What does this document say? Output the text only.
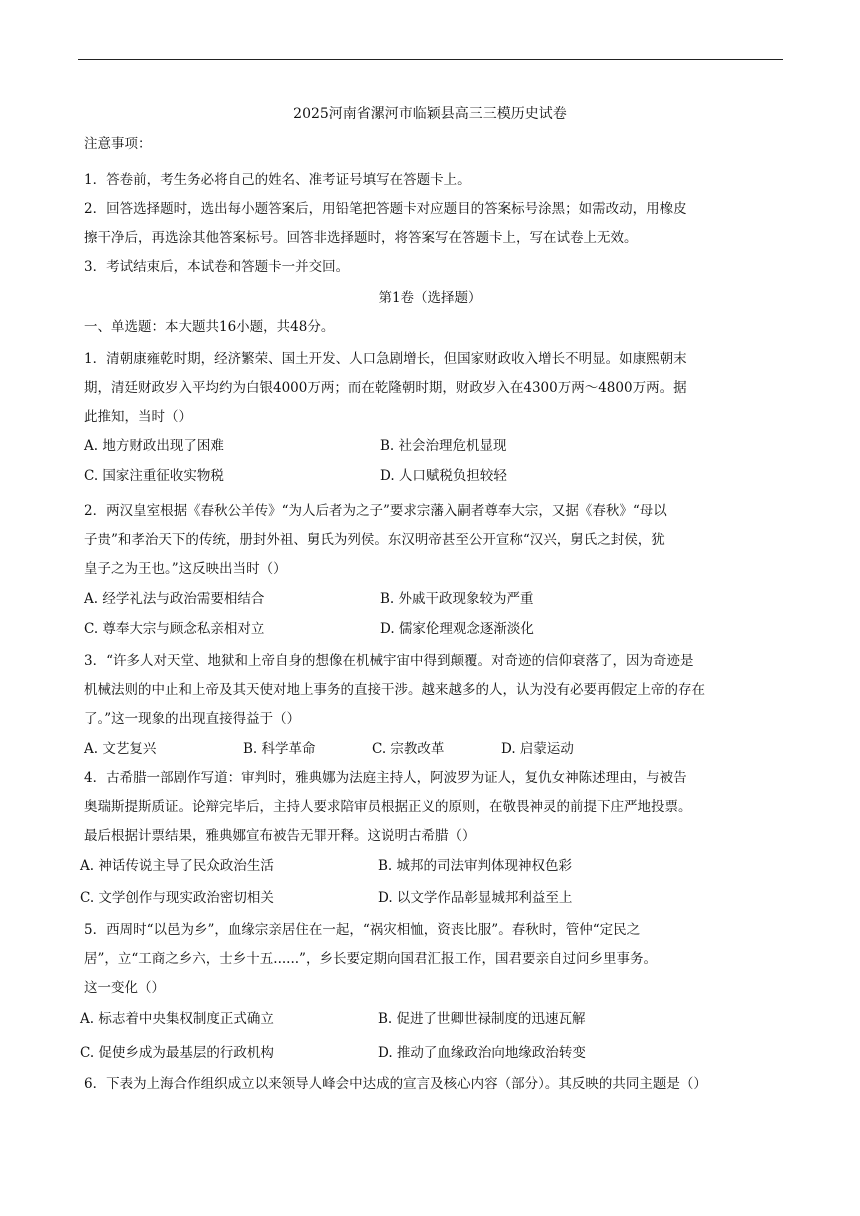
2025河南省漯河市临颖县高三三模历史试卷
注意事项：
1．答卷前，考生务必将自己的姓名、准考证号填写在答题卡上。
2．回答选择题时，选出每小题答案后，用铅笔把答题卡对应题目的答案标号涂黑；如需改动，用橡皮
擦干净后，再选涂其他答案标号。回答非选择题时，将答案写在答题卡上，写在试卷上无效。
3．考试结束后，本试卷和答题卡一并交回。
第1卷（选择题）
一、单选题：本大题共16小题，共48分。
1．清朝康雍乾时期，经济繁荣、国土开发、人口急剧增长，但国家财政收入增长不明显。如康熙朝末
期，清廷财政岁入平均约为白银4000万两；而在乾隆朝时期，财政岁入在4300万两～4800万两。据
此推知，当时（）
A. 地方财政出现了困难	B. 社会治理危机显现
C. 国家注重征收实物税	D. 人口赋税负担较轻
2．两汉皇室根据《春秋公羊传》“为人后者为之子”要求宗藩入嗣者尊奉大宗，又据《春秋》“母以
子贵”和孝治天下的传统，册封外祖、舅氏为列侯。东汉明帝甚至公开宣称“汉兴，舅氏之封侯，犹
皇子之为王也。”这反映出当时（）
A. 经学礼法与政治需要相结合	B. 外戚干政现象较为严重
C. 尊奉大宗与顾念私亲相对立	D. 儒家伦理观念逐渐淡化
3．“许多人对天堂、地狱和上帝自身的想像在机械宇宙中得到颠覆。对奇迹的信仰衰落了，因为奇迹是
机械法则的中止和上帝及其天使对地上事务的直接干涉。越来越多的人，认为没有必要再假定上帝的存在
了。”这一现象的出现直接得益于（）
A. 文艺复兴	B. 科学革命	C. 宗教改革	D. 启蒙运动
4．古希腊一部剧作写道：审判时，雅典娜为法庭主持人，阿波罗为证人，复仇女神陈述理由，与被告
奥瑞斯提斯质证。论辩完毕后，主持人要求陪审员根据正义的原则，在敬畏神灵的前提下庄严地投票。
最后根据计票结果，雅典娜宣布被告无罪开释。这说明古希腊（）
A. 神话传说主导了民众政治生活	B. 城邦的司法审判体现神权色彩
C. 文学创作与现实政治密切相关	D. 以文学作品彰显城邦利益至上
5．西周时“以邑为乡”，血缘宗亲居住在一起，“祸灾相恤，资丧比服”。春秋时，管仲“定民之
居”，立“工商之乡六，士乡十五......”，乡长要定期向国君汇报工作，国君要亲自过问乡里事务。
这一变化（）
A. 标志着中央集权制度正式确立	B. 促进了世卿世禄制度的迅速瓦解
C. 促使乡成为最基层的行政机构	D. 推动了血缘政治向地缘政治转变
6．下表为上海合作组织成立以来领导人峰会中达成的宣言及核心内容（部分）。其反映的共同主题是（）
